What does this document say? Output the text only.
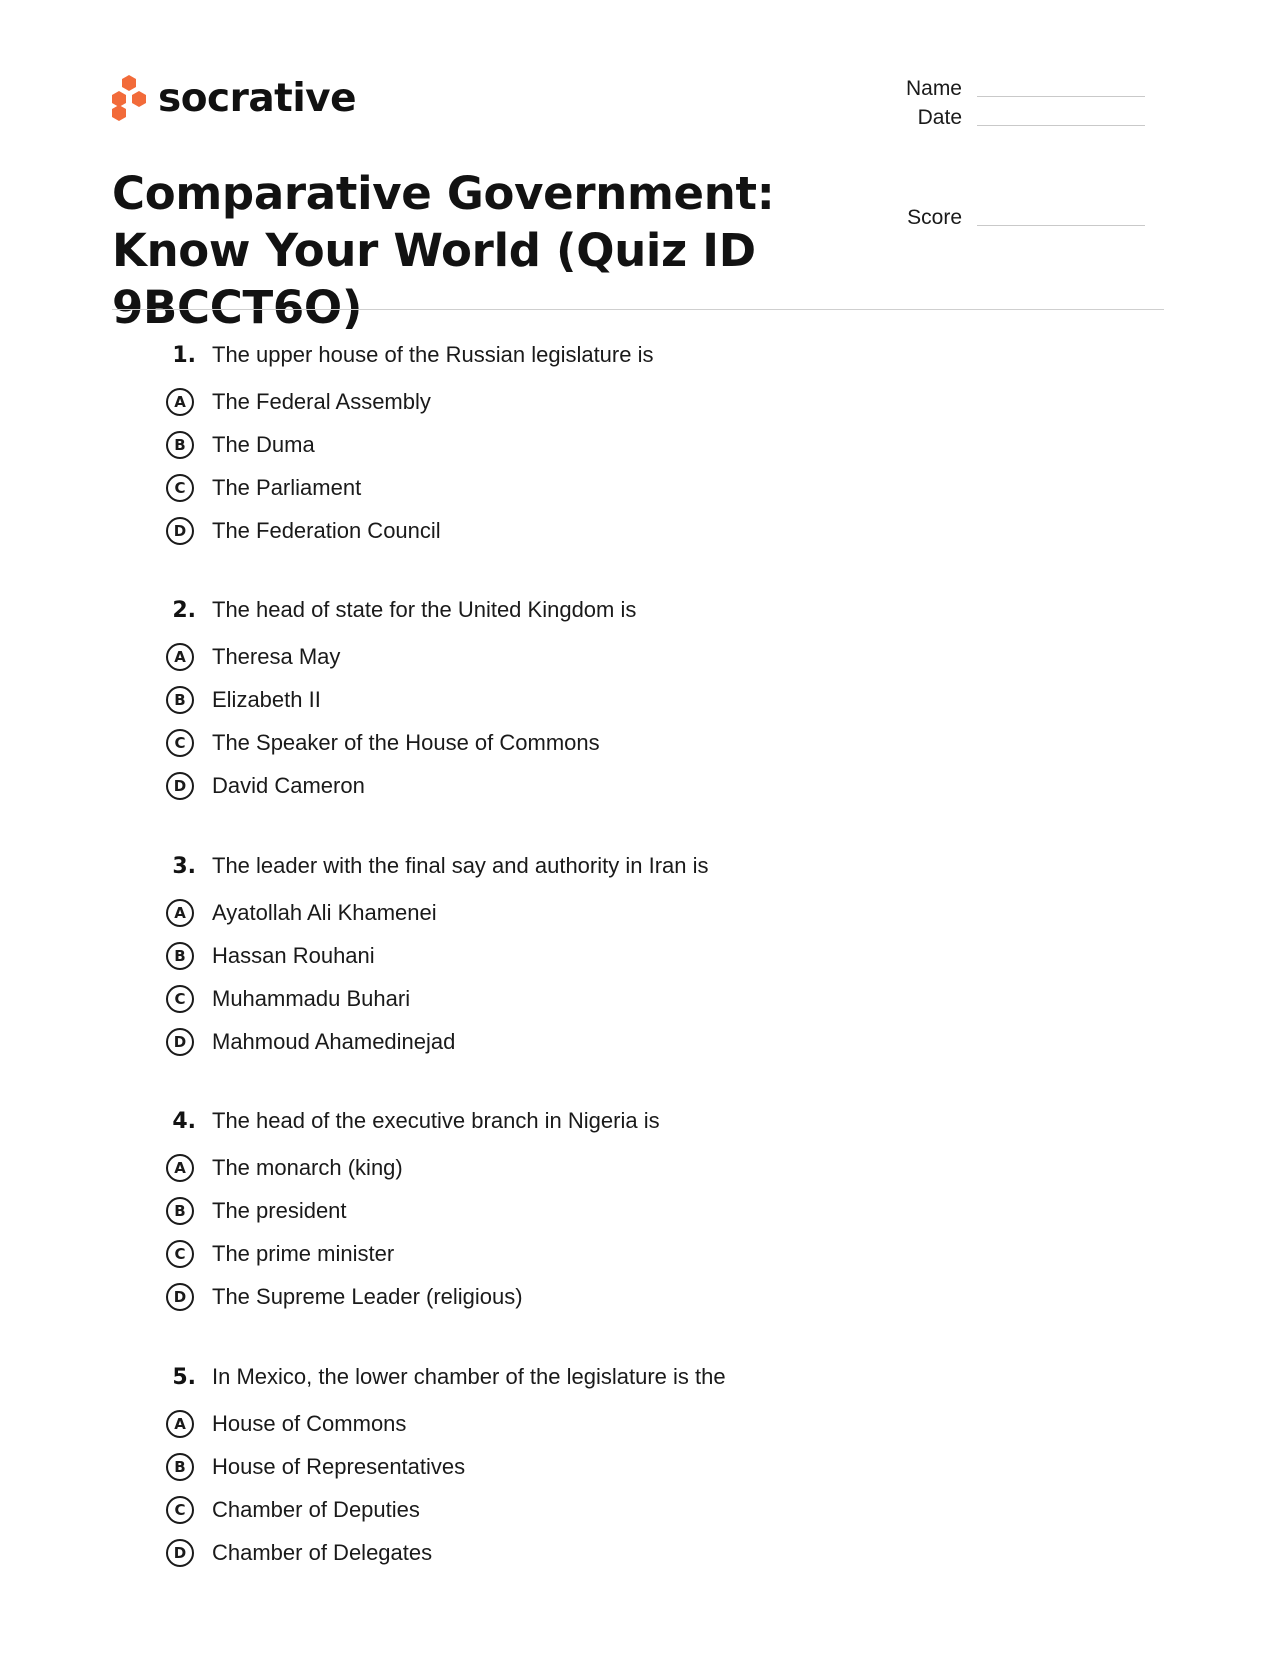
socrative	Name
Date
Score
Comparative Government: Know Your World (Quiz ID 9BCCT6O)
1. The upper house of the Russian legislature is
A	The Federal Assembly
B	The Duma
C	The Parliament
D	The Federation Council
2. The head of state for the United Kingdom is
A	Theresa May
B	Elizabeth II
C	The Speaker of the House of Commons
D	David Cameron
3. The leader with the final say and authority in Iran is
A	Ayatollah Ali Khamenei
B	Hassan Rouhani
C	Muhammadu Buhari
D	Mahmoud Ahamedinejad
4. The head of the executive branch in Nigeria is
A	The monarch (king)
B	The president
C	The prime minister
D	The Supreme Leader (religious)
5. In Mexico, the lower chamber of the legislature is the
A	House of Commons
B	House of Representatives
C	Chamber of Deputies
D	Chamber of Delegates
